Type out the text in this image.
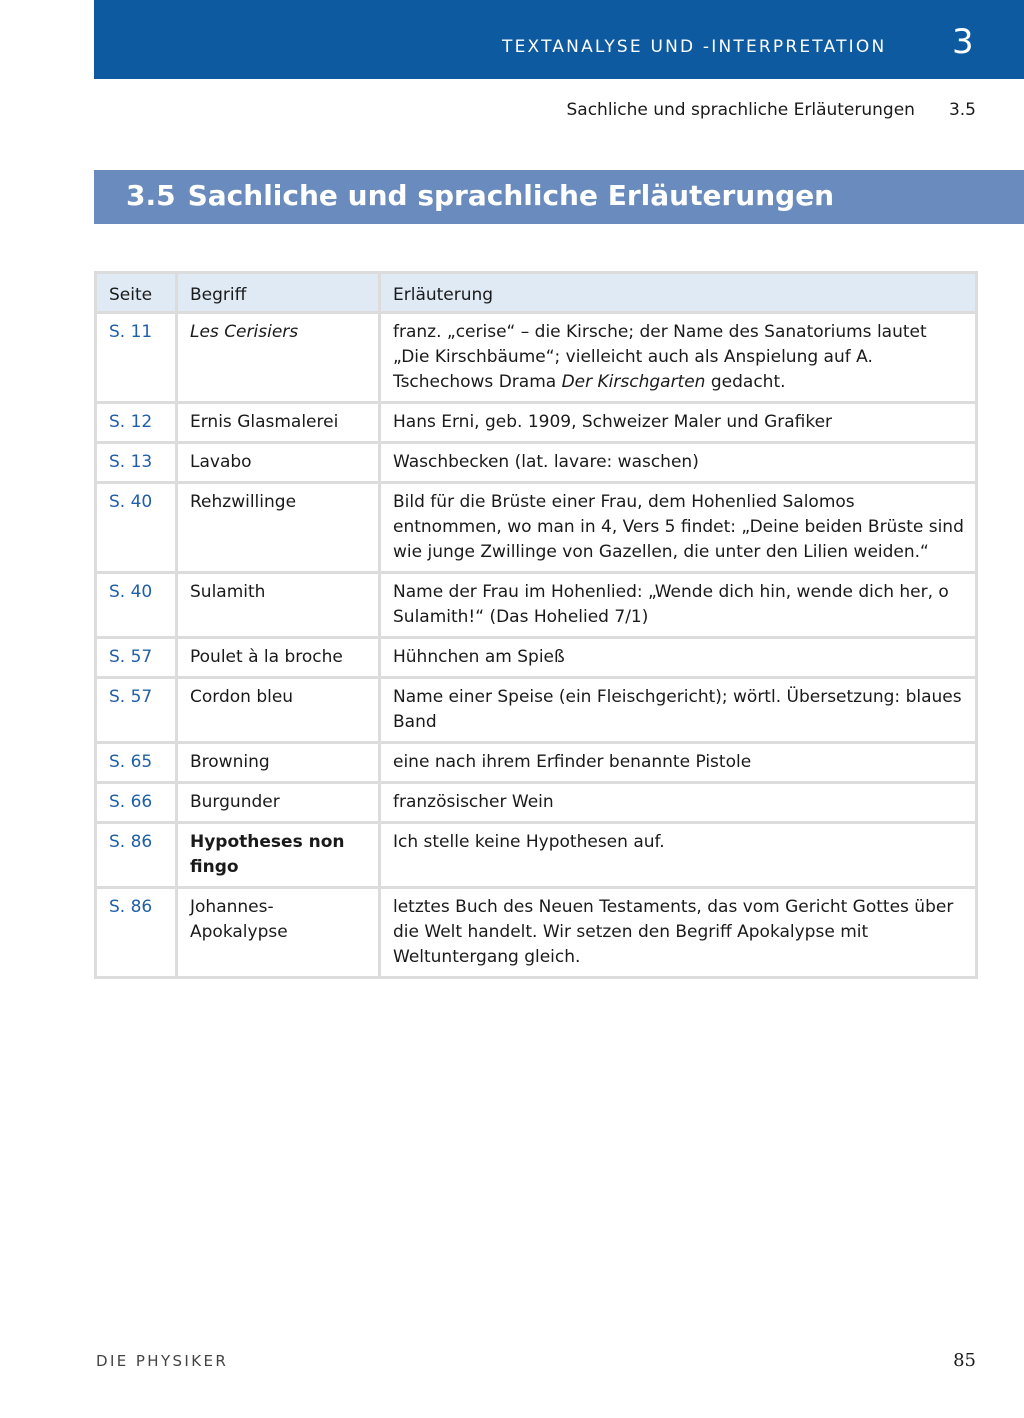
TEXTANALYSE UND -INTERPRETATION 3
Sachliche und sprachliche Erläuterungen 3.5
3.5 Sachliche und sprachliche Erläuterungen
Seite	Begriff	Erläuterung
S. 11	Les Cerisiers	franz. „cerise“ – die Kirsche; der Name des Sanatoriums lautet „Die Kirschbäume“; vielleicht auch als Anspielung auf A. Tschechows Drama Der Kirschgarten gedacht.
S. 12	Ernis Glasmalerei	Hans Erni, geb. 1909, Schweizer Maler und Grafiker
S. 13	Lavabo	Waschbecken (lat. lavare: waschen)
S. 40	Rehzwillinge	Bild für die Brüste einer Frau, dem Hohenlied Salomos entnommen, wo man in 4, Vers 5 findet: „Deine beiden Brüste sind wie junge Zwillinge von Gazellen, die unter den Lilien weiden.“
S. 40	Sulamith	Name der Frau im Hohenlied: „Wende dich hin, wende dich her, o Sulamith!“ (Das Hohelied 7/1)
S. 57	Poulet à la broche	Hühnchen am Spieß
S. 57	Cordon bleu	Name einer Speise (ein Fleischgericht); wörtl. Übersetzung: blaues Band
S. 65	Browning	eine nach ihrem Erfinder benannte Pistole
S. 66	Burgunder	französischer Wein
S. 86	Hypotheses non fingo	Ich stelle keine Hypothesen auf.
S. 86	Johannes-Apokalypse	letztes Buch des Neuen Testaments, das vom Gericht Gottes über die Welt handelt. Wir setzen den Begriff Apokalypse mit Weltuntergang gleich.
DIE PHYSIKER	85
